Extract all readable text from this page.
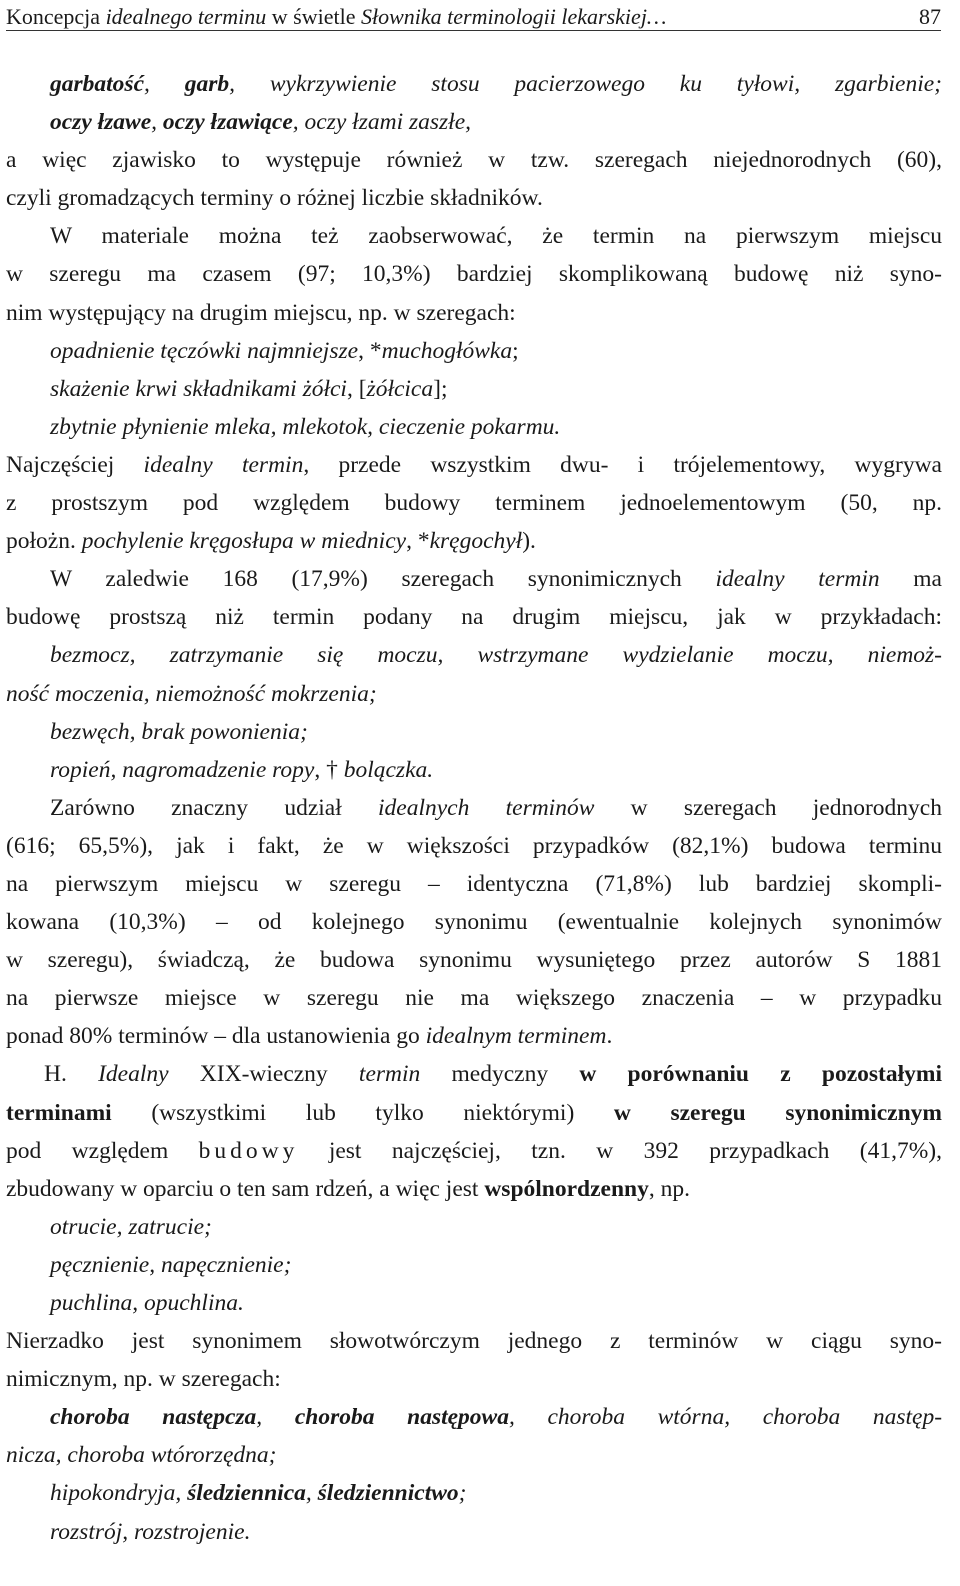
Koncepcja idealnego terminu w świetle Słownika terminologii lekarskiej…	87
garbatość, garb, wykrzywienie stosu pacierzowego ku tyłowi, zgarbienie;
oczy łzawe, oczy łzawiące, oczy łzami zaszłe,
a więc zjawisko to występuje również w tzw. szeregach niejednorodnych (60),
czyli gromadzących terminy o różnej liczbie składników.
W materiale można też zaobserwować, że termin na pierwszym miejscu
w szeregu ma czasem (97; 10,3%) bardziej skomplikowaną budowę niż syno-
nim występujący na drugim miejscu, np. w szeregach:
opadnienie tęczówki najmniejsze, *muchogłówka;
skażenie krwi składnikami żółci, [żółcica];
zbytnie płynienie mleka, mlekotok, cieczenie pokarmu.
Najczęściej idealny termin, przede wszystkim dwu- i trójelementowy, wygrywa
z prostszym pod względem budowy terminem jednoelementowym (50, np.
położn. pochylenie kręgosłupa w miednicy, *kręgochył).
W zaledwie 168 (17,9%) szeregach synonimicznych idealny termin ma
budowę prostszą niż termin podany na drugim miejscu, jak w przykładach:
bezmocz, zatrzymanie się moczu, wstrzymane wydzielanie moczu, niemoż-
ność moczenia, niemożność mokrzenia;
bezwęch, brak powonienia;
ropień, nagromadzenie ropy, † bolączka.
Zarówno znaczny udział idealnych terminów w szeregach jednorodnych
(616; 65,5%), jak i fakt, że w większości przypadków (82,1%) budowa terminu
na pierwszym miejscu w szeregu – identyczna (71,8%) lub bardziej skompli-
kowana (10,3%) – od kolejnego synonimu (ewentualnie kolejnych synonimów
w szeregu), świadczą, że budowa synonimu wysuniętego przez autorów S 1881
na pierwsze miejsce w szeregu nie ma większego znaczenia – w przypadku
ponad 80% terminów – dla ustanowienia go idealnym terminem.
H. Idealny XIX-wieczny termin medyczny w porównaniu z pozostałymi
terminami (wszystkimi lub tylko niektórymi) w szeregu synonimicznym
pod względem budowy jest najczęściej, tzn. w 392 przypadkach (41,7%),
zbudowany w oparciu o ten sam rdzeń, a więc jest wspólnordzenny, np.
otrucie, zatrucie;
pęcznienie, napęcznienie;
puchlina, opuchlina.
Nierzadko jest synonimem słowotwórczym jednego z terminów w ciągu syno-
nimicznym, np. w szeregach:
choroba następcza, choroba następowa, choroba wtórna, choroba następ-
nicza, choroba wtórorzędna;
hipokondryja, śledziennica, śledziennictwo;
rozstrój, rozstrojenie.
